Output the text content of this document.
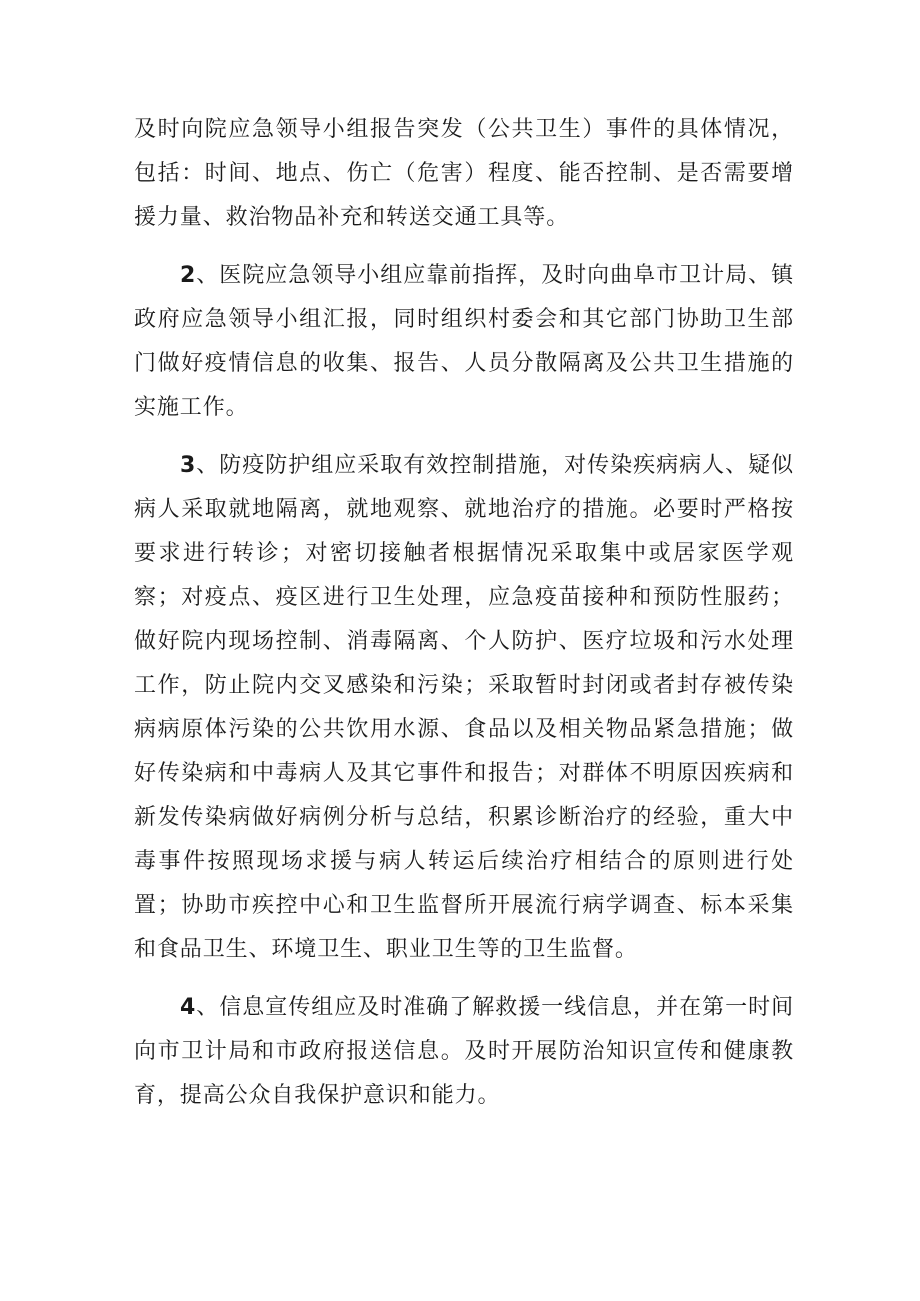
及时向院应急领导小组报告突发（公共卫生）事件的具体情况，包括：时间、地点、伤亡（危害）程度、能否控制、是否需要增援力量、救治物品补充和转送交通工具等。

2、医院应急领导小组应靠前指挥，及时向曲阜市卫计局、镇政府应急领导小组汇报，同时组织村委会和其它部门协助卫生部门做好疫情信息的收集、报告、人员分散隔离及公共卫生措施的实施工作。

3、防疫防护组应采取有效控制措施，对传染疾病病人、疑似病人采取就地隔离，就地观察、就地治疗的措施。必要时严格按要求进行转诊；对密切接触者根据情况采取集中或居家医学观察；对疫点、疫区进行卫生处理，应急疫苗接种和预防性服药；做好院内现场控制、消毒隔离、个人防护、医疗垃圾和污水处理工作，防止院内交叉感染和污染；采取暂时封闭或者封存被传染病病原体污染的公共饮用水源、食品以及相关物品紧急措施；做好传染病和中毒病人及其它事件和报告；对群体不明原因疾病和新发传染病做好病例分析与总结，积累诊断治疗的经验，重大中毒事件按照现场求援与病人转运后续治疗相结合的原则进行处置；协助市疾控中心和卫生监督所开展流行病学调查、标本采集和食品卫生、环境卫生、职业卫生等的卫生监督。

4、信息宣传组应及时准确了解救援一线信息，并在第一时间向市卫计局和市政府报送信息。及时开展防治知识宣传和健康教育，提高公众自我保护意识和能力。
